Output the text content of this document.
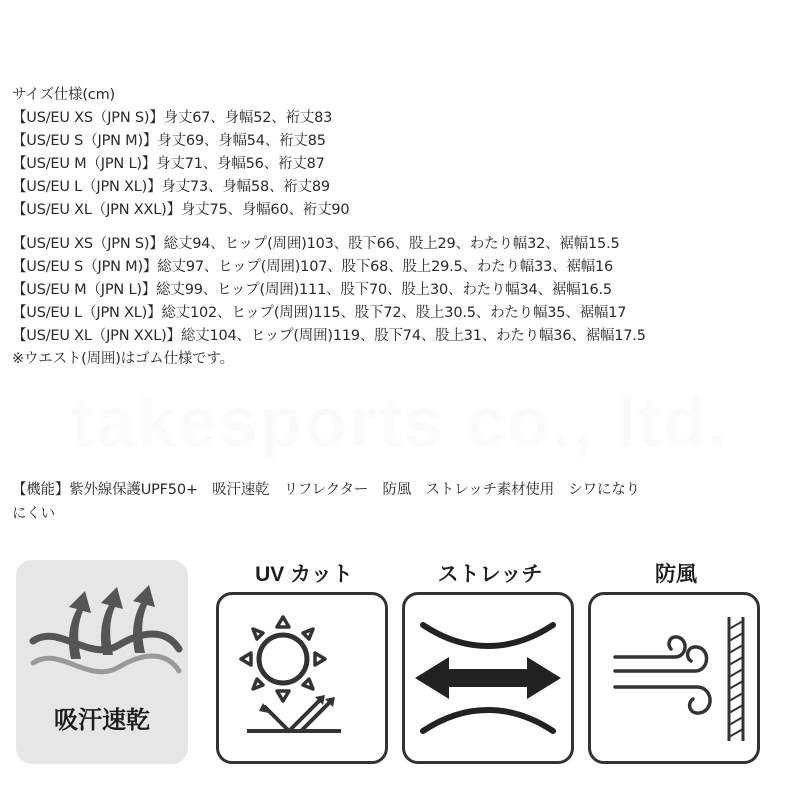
サイズ仕様(cm)
【US/EU XS（JPN S)】身丈67、身幅52、裄丈83
【US/EU S（JPN M)】身丈69、身幅54、裄丈85
【US/EU M（JPN L)】身丈71、身幅56、裄丈87
【US/EU L（JPN XL)】身丈73、身幅58、裄丈89
【US/EU XL（JPN XXL)】身丈75、身幅60、裄丈90
【US/EU XS（JPN S)】総丈94、ヒップ(周囲)103、股下66、股上29、わたり幅32、裾幅15.5
【US/EU S（JPN M)】総丈97、ヒップ(周囲)107、股下68、股上29.5、わたり幅33、裾幅16
【US/EU M（JPN L)】総丈99、ヒップ(周囲)111、股下70、股上30、わたり幅34、裾幅16.5
【US/EU L（JPN XL)】総丈102、ヒップ(周囲)115、股下72、股上30.5、わたり幅35、裾幅17
【US/EU XL（JPN XXL)】総丈104、ヒップ(周囲)119、股下74、股上31、わたり幅36、裾幅17.5
※ウエスト(周囲)はゴム仕様です。
takesports co., ltd.
【機能】紫外線保護UPF50+　吸汗速乾　リフレクター　防風　ストレッチ素材使用　シワになり
にくい
吸汗速乾
UV カット	ストレッチ	防風
